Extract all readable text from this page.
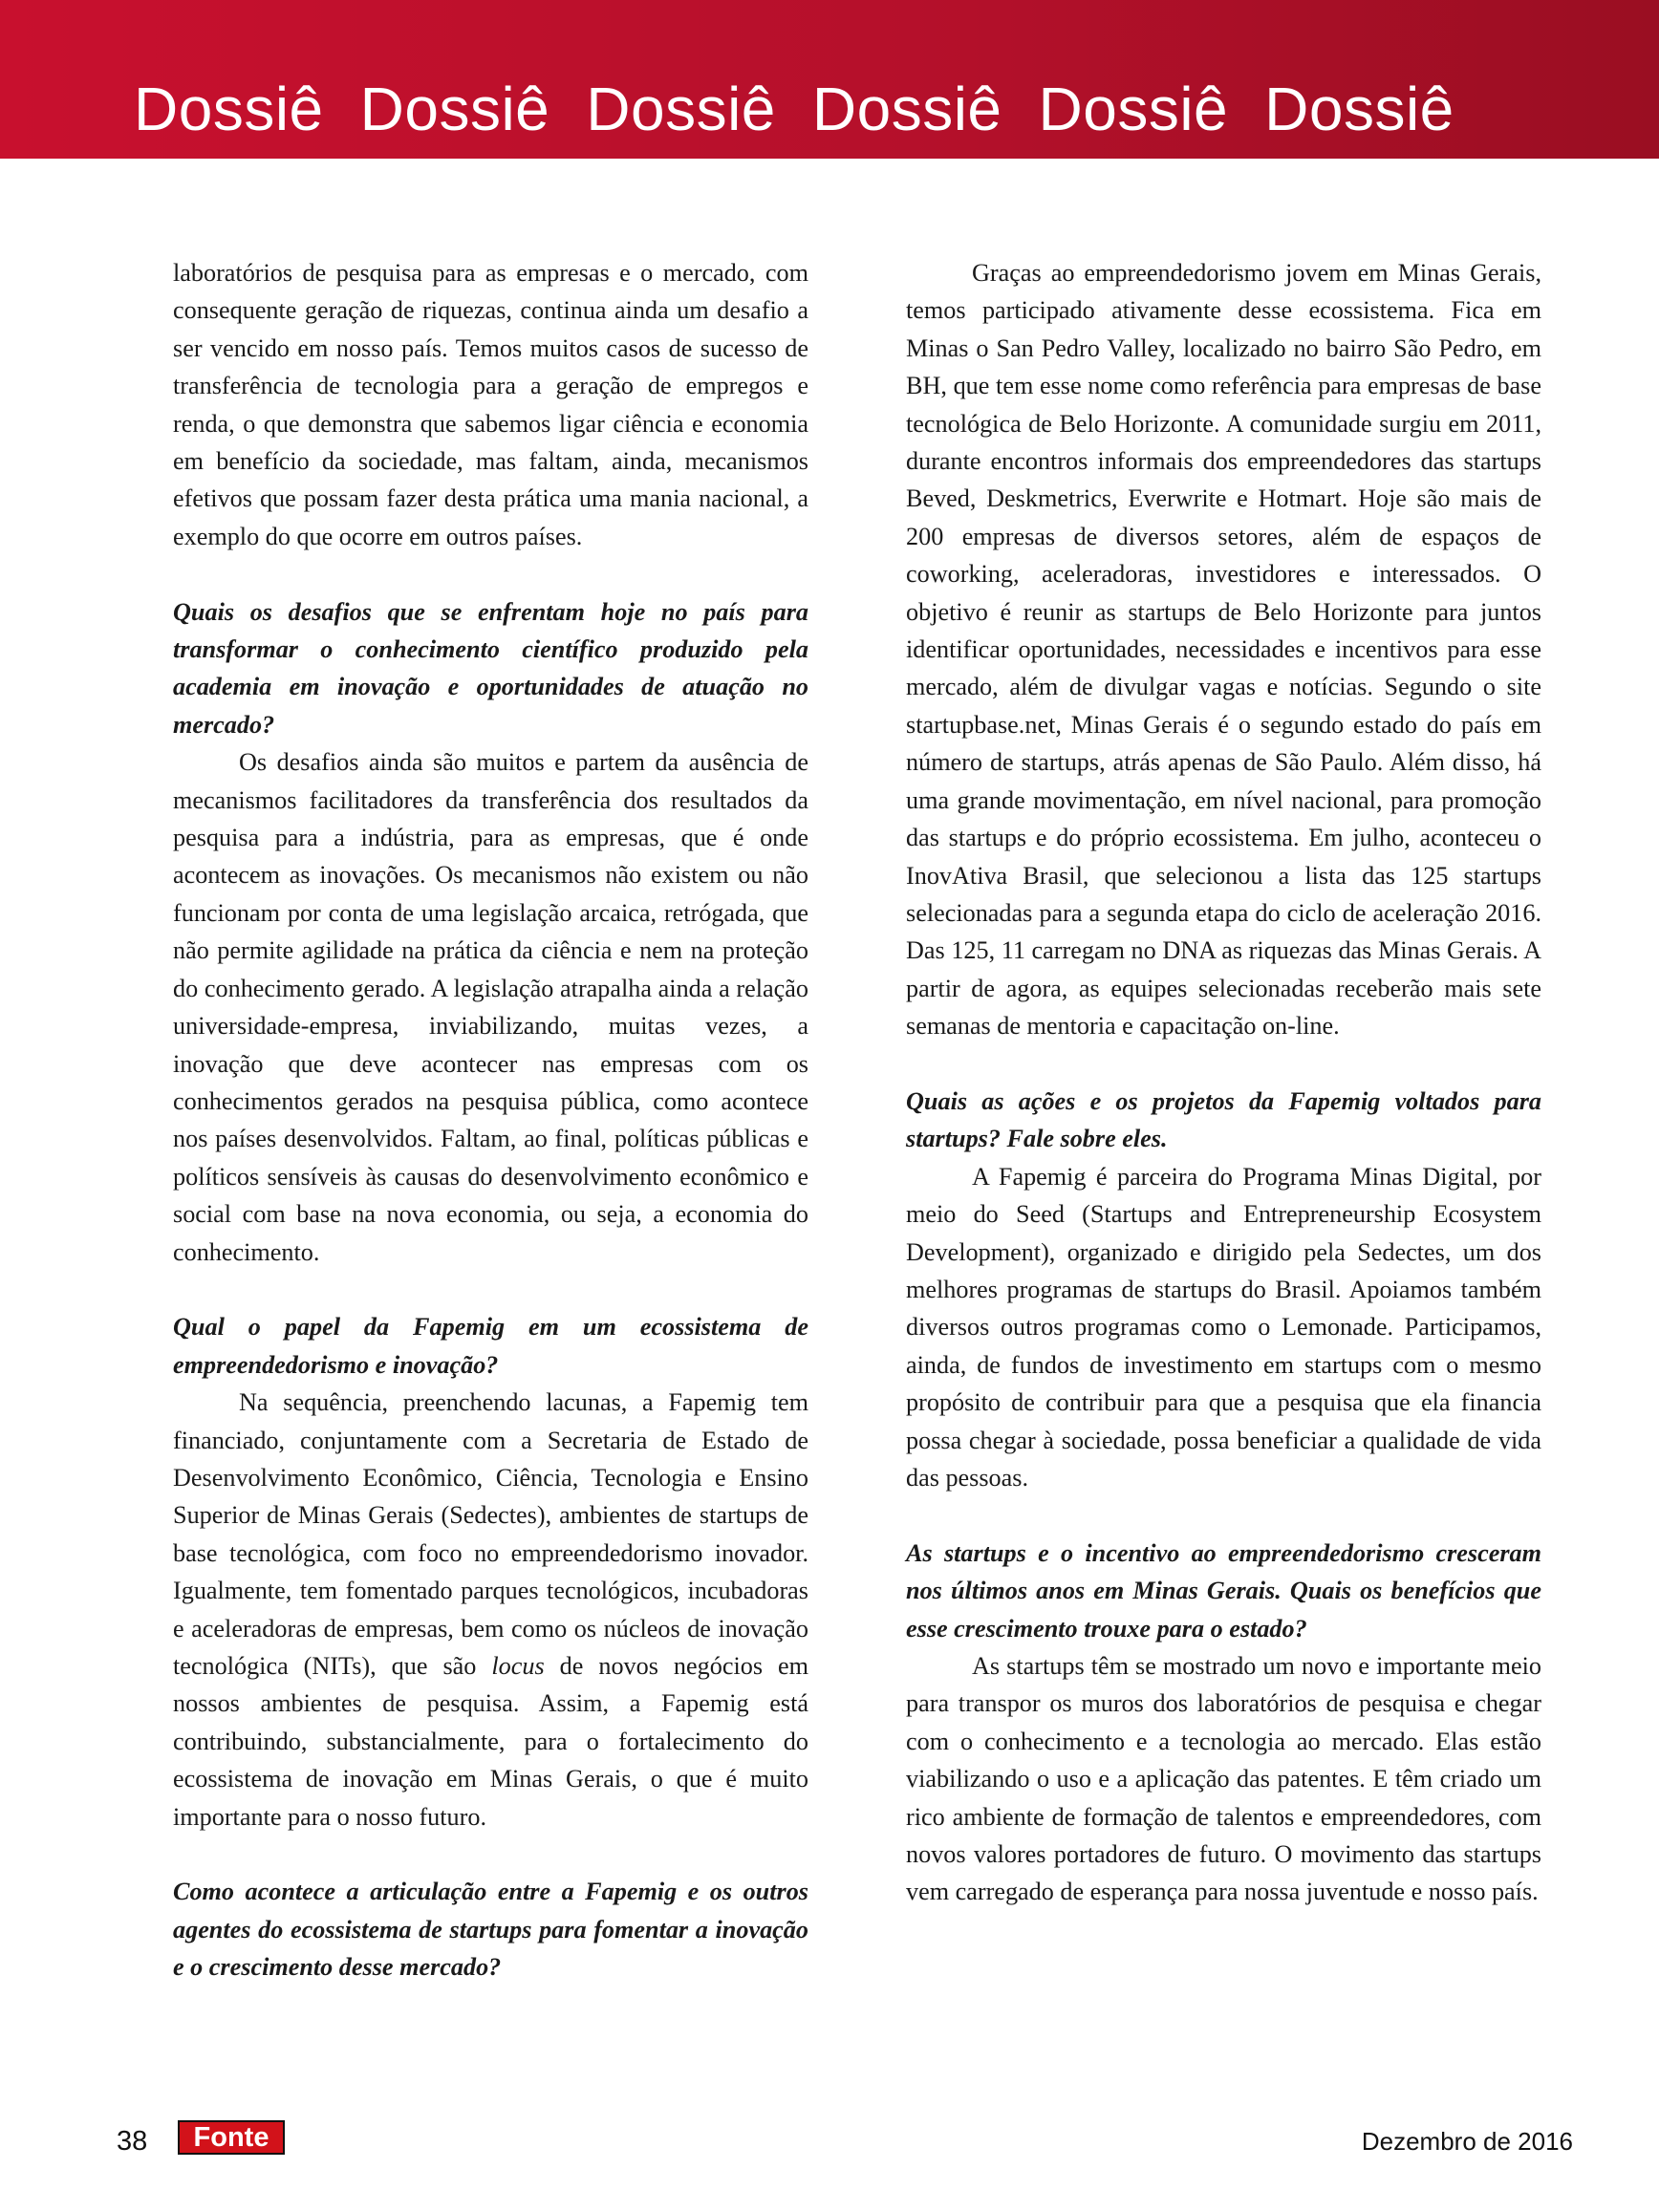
Dossiê Dossiê Dossiê Dossiê Dossiê Dossiê

laboratórios de pesquisa para as empresas e o mercado, com consequente geração de riquezas, continua ainda um desafio a ser vencido em nosso país. Temos muitos casos de sucesso de transferência de tecnologia para a geração de empregos e renda, o que demonstra que sabemos ligar ciência e economia em benefício da sociedade, mas faltam, ainda, mecanismos efetivos que possam fazer desta prática uma mania nacional, a exemplo do que ocorre em outros países.

Quais os desafios que se enfrentam hoje no país para transformar o conhecimento científico produzido pela academia em inovação e oportunidades de atuação no mercado?

Os desafios ainda são muitos e partem da ausência de mecanismos facilitadores da transferência dos resultados da pesquisa para a indústria, para as empresas, que é onde acontecem as inovações. Os mecanismos não existem ou não funcionam por conta de uma legislação arcaica, retrógada, que não permite agilidade na prática da ciência e nem na proteção do conhecimento gerado. A legislação atrapalha ainda a relação universidade-empresa, inviabilizando, muitas vezes, a inovação que deve acontecer nas empresas com os conhecimentos gerados na pesquisa pública, como acontece nos países desenvolvidos. Faltam, ao final, políticas públicas e políticos sensíveis às causas do desenvolvimento econômico e social com base na nova economia, ou seja, a economia do conhecimento.

Qual o papel da Fapemig em um ecossistema de empreendedorismo e inovação?

Na sequência, preenchendo lacunas, a Fapemig tem financiado, conjuntamente com a Secretaria de Estado de Desenvolvimento Econômico, Ciência, Tecnologia e Ensino Superior de Minas Gerais (Sedectes), ambientes de startups de base tecnológica, com foco no empreendedorismo inovador. Igualmente, tem fomentado parques tecnológicos, incubadoras e aceleradoras de empresas, bem como os núcleos de inovação tecnológica (NITs), que são locus de novos negócios em nossos ambientes de pesquisa. Assim, a Fapemig está contribuindo, substancialmente, para o fortalecimento do ecossistema de inovação em Minas Gerais, o que é muito importante para o nosso futuro.

Como acontece a articulação entre a Fapemig e os outros agentes do ecossistema de startups para fomentar a inovação e o crescimento desse mercado?

Graças ao empreendedorismo jovem em Minas Gerais, temos participado ativamente desse ecossistema. Fica em Minas o San Pedro Valley, localizado no bairro São Pedro, em BH, que tem esse nome como referência para empresas de base tecnológica de Belo Horizonte. A comunidade surgiu em 2011, durante encontros informais dos empreendedores das startups Beved, Deskmetrics, Everwrite e Hotmart. Hoje são mais de 200 empresas de diversos setores, além de espaços de coworking, aceleradoras, investidores e interessados. O objetivo é reunir as startups de Belo Horizonte para juntos identificar oportunidades, necessidades e incentivos para esse mercado, além de divulgar vagas e notícias. Segundo o site startupbase.net, Minas Gerais é o segundo estado do país em número de startups, atrás apenas de São Paulo. Além disso, há uma grande movimentação, em nível nacional, para promoção das startups e do próprio ecossistema. Em julho, aconteceu o InovAtiva Brasil, que selecionou a lista das 125 startups selecionadas para a segunda etapa do ciclo de aceleração 2016. Das 125, 11 carregam no DNA as riquezas das Minas Gerais. A partir de agora, as equipes selecionadas receberão mais sete semanas de mentoria e capacitação on-line.

Quais as ações e os projetos da Fapemig voltados para startups? Fale sobre eles.

A Fapemig é parceira do Programa Minas Digital, por meio do Seed (Startups and Entrepreneurship Ecosystem Development), organizado e dirigido pela Sedectes, um dos melhores programas de startups do Brasil. Apoiamos também diversos outros programas como o Lemonade. Participamos, ainda, de fundos de investimento em startups com o mesmo propósito de contribuir para que a pesquisa que ela financia possa chegar à sociedade, possa beneficiar a qualidade de vida das pessoas.

As startups e o incentivo ao empreendedorismo cresceram nos últimos anos em Minas Gerais. Quais os benefícios que esse crescimento trouxe para o estado?

As startups têm se mostrado um novo e importante meio para transpor os muros dos laboratórios de pesquisa e chegar com o conhecimento e a tecnologia ao mercado. Elas estão viabilizando o uso e a aplicação das patentes. E têm criado um rico ambiente de formação de talentos e empreendedores, com novos valores portadores de futuro. O movimento das startups vem carregado de esperança para nossa juventude e nosso país.

38	Fonte	Dezembro de 2016
